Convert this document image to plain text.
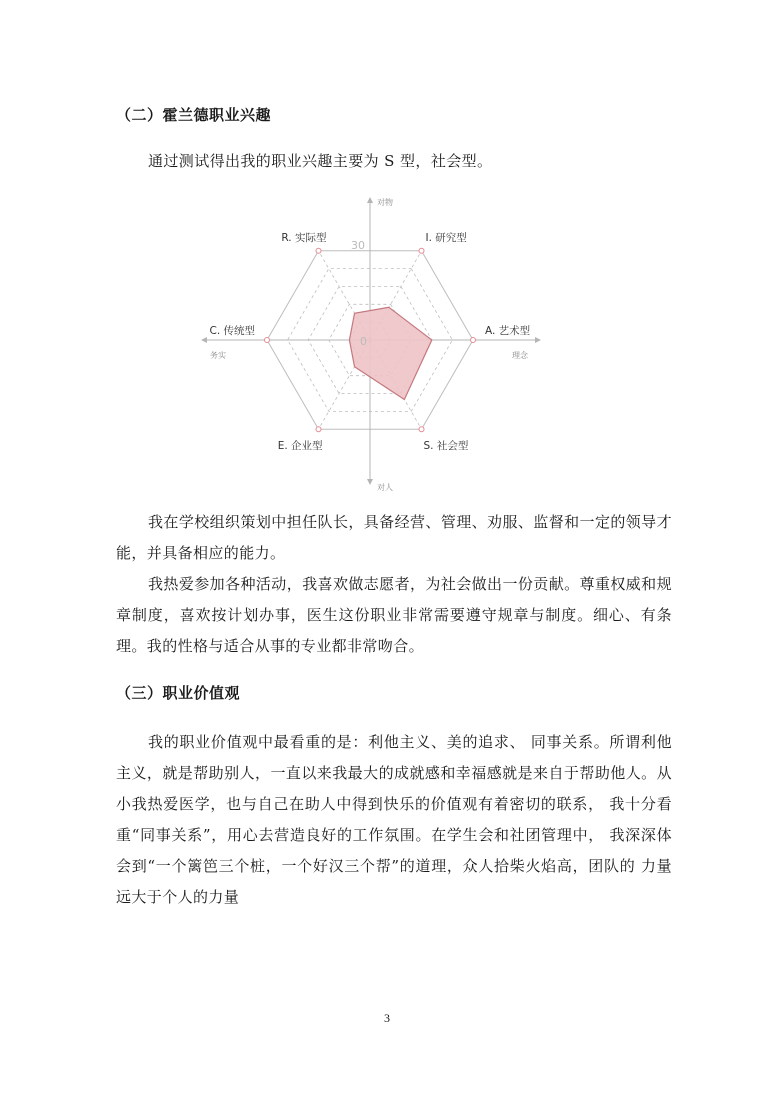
（二）霍兰德职业兴趣

通过测试得出我的职业兴趣主要为 S 型，社会型。

I. 研究型
A. 艺术型
S. 社会型
E. 企业型
C. 传统型
R. 实际型
30
0
对物
对人
务实	理念

我在学校组织策划中担任队长，具备经营、管理、劝服、监督和一定的领导才能，并具备相应的能力。

我热爱参加各种活动，我喜欢做志愿者，为社会做出一份贡献。尊重权威和规章制度，喜欢按计划办事，医生这份职业非常需要遵守规章与制度。细心、有条理。我的性格与适合从事的专业都非常吻合。

（三）职业价值观

我的职业价值观中最看重的是：利他主义、美的追求、 同事关系。所谓利他主义，就是帮助别人，一直以来我最大的成就感和幸福感就是来自于帮助他人。从小我热爱医学，也与自己在助人中得到快乐的价值观有着密切的联系， 我十分看重“同事关系”，用心去营造良好的工作氛围。在学生会和社团管理中， 我深深体会到“一个篱笆三个桩，一个好汉三个帮”的道理，众人拾柴火焰高，团队的 力量远大于个人的力量

3
